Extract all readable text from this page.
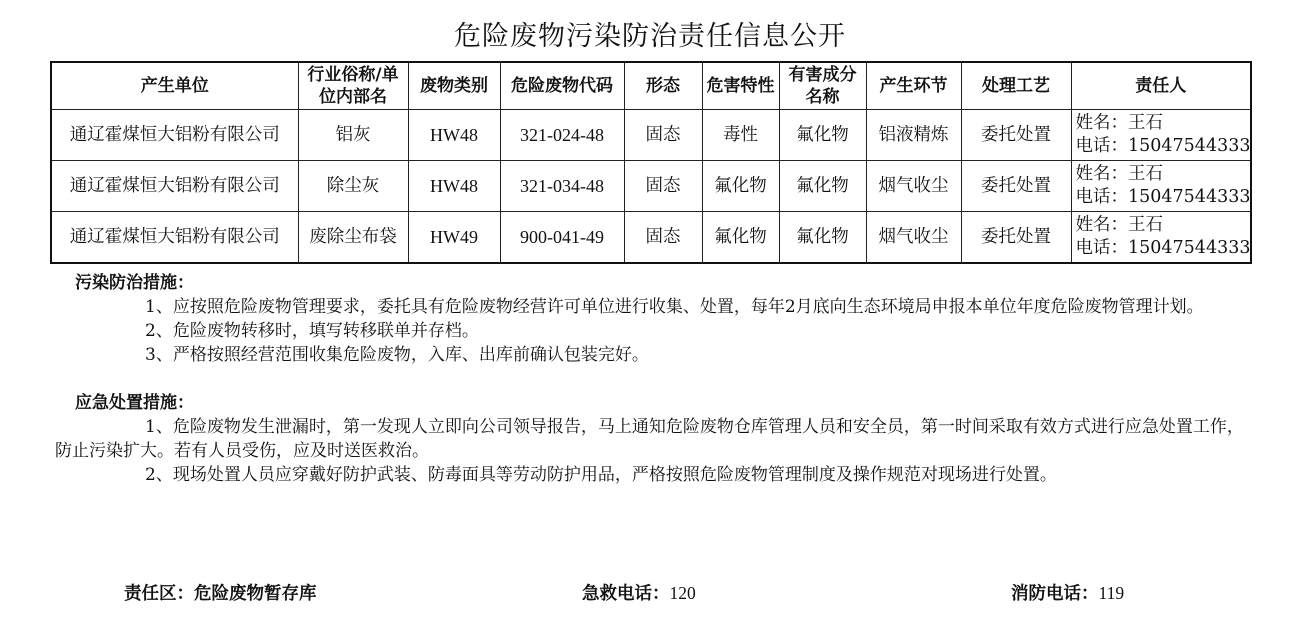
危险废物污染防治责任信息公开
产生单位	行业俗称/单位内部名	废物类别	危险废物代码	形态	危害特性	有害成分名称	产生环节	处理工艺	责任人
通辽霍煤恒大铝粉有限公司	铝灰	HW48	321-024-48	固态	毒性	氟化物	铝液精炼	委托处置	姓名：王石
电话：15047544333

通辽霍煤恒大铝粉有限公司	除尘灰	HW48	321-034-48	固态	氟化物	氟化物	烟气收尘	委托处置	姓名：王石
电话：15047544333

通辽霍煤恒大铝粉有限公司	废除尘布袋	HW49	900-041-49	固态	氟化物	氟化物	烟气收尘	委托处置	姓名：王石
电话：15047544333
污染防治措施：
1、应按照危险废物管理要求，委托具有危险废物经营许可单位进行收集、处置，每年2月底向生态环境局申报本单位年度危险废物管理计划。
2、危险废物转移时，填写转移联单并存档。
3、严格按照经营范围收集危险废物，入库、出库前确认包装完好。
应急处置措施：
1、危险废物发生泄漏时，第一发现人立即向公司领导报告，马上通知危险废物仓库管理人员和安全员，第一时间采取有效方式进行应急处置工作，防止污染扩大。若有人员受伤，应及时送医救治。
2、现场处置人员应穿戴好防护武装、防毒面具等劳动防护用品，严格按照危险废物管理制度及操作规范对现场进行处置。
责任区：危险废物暂存库	急救电话：120	消防电话：119
